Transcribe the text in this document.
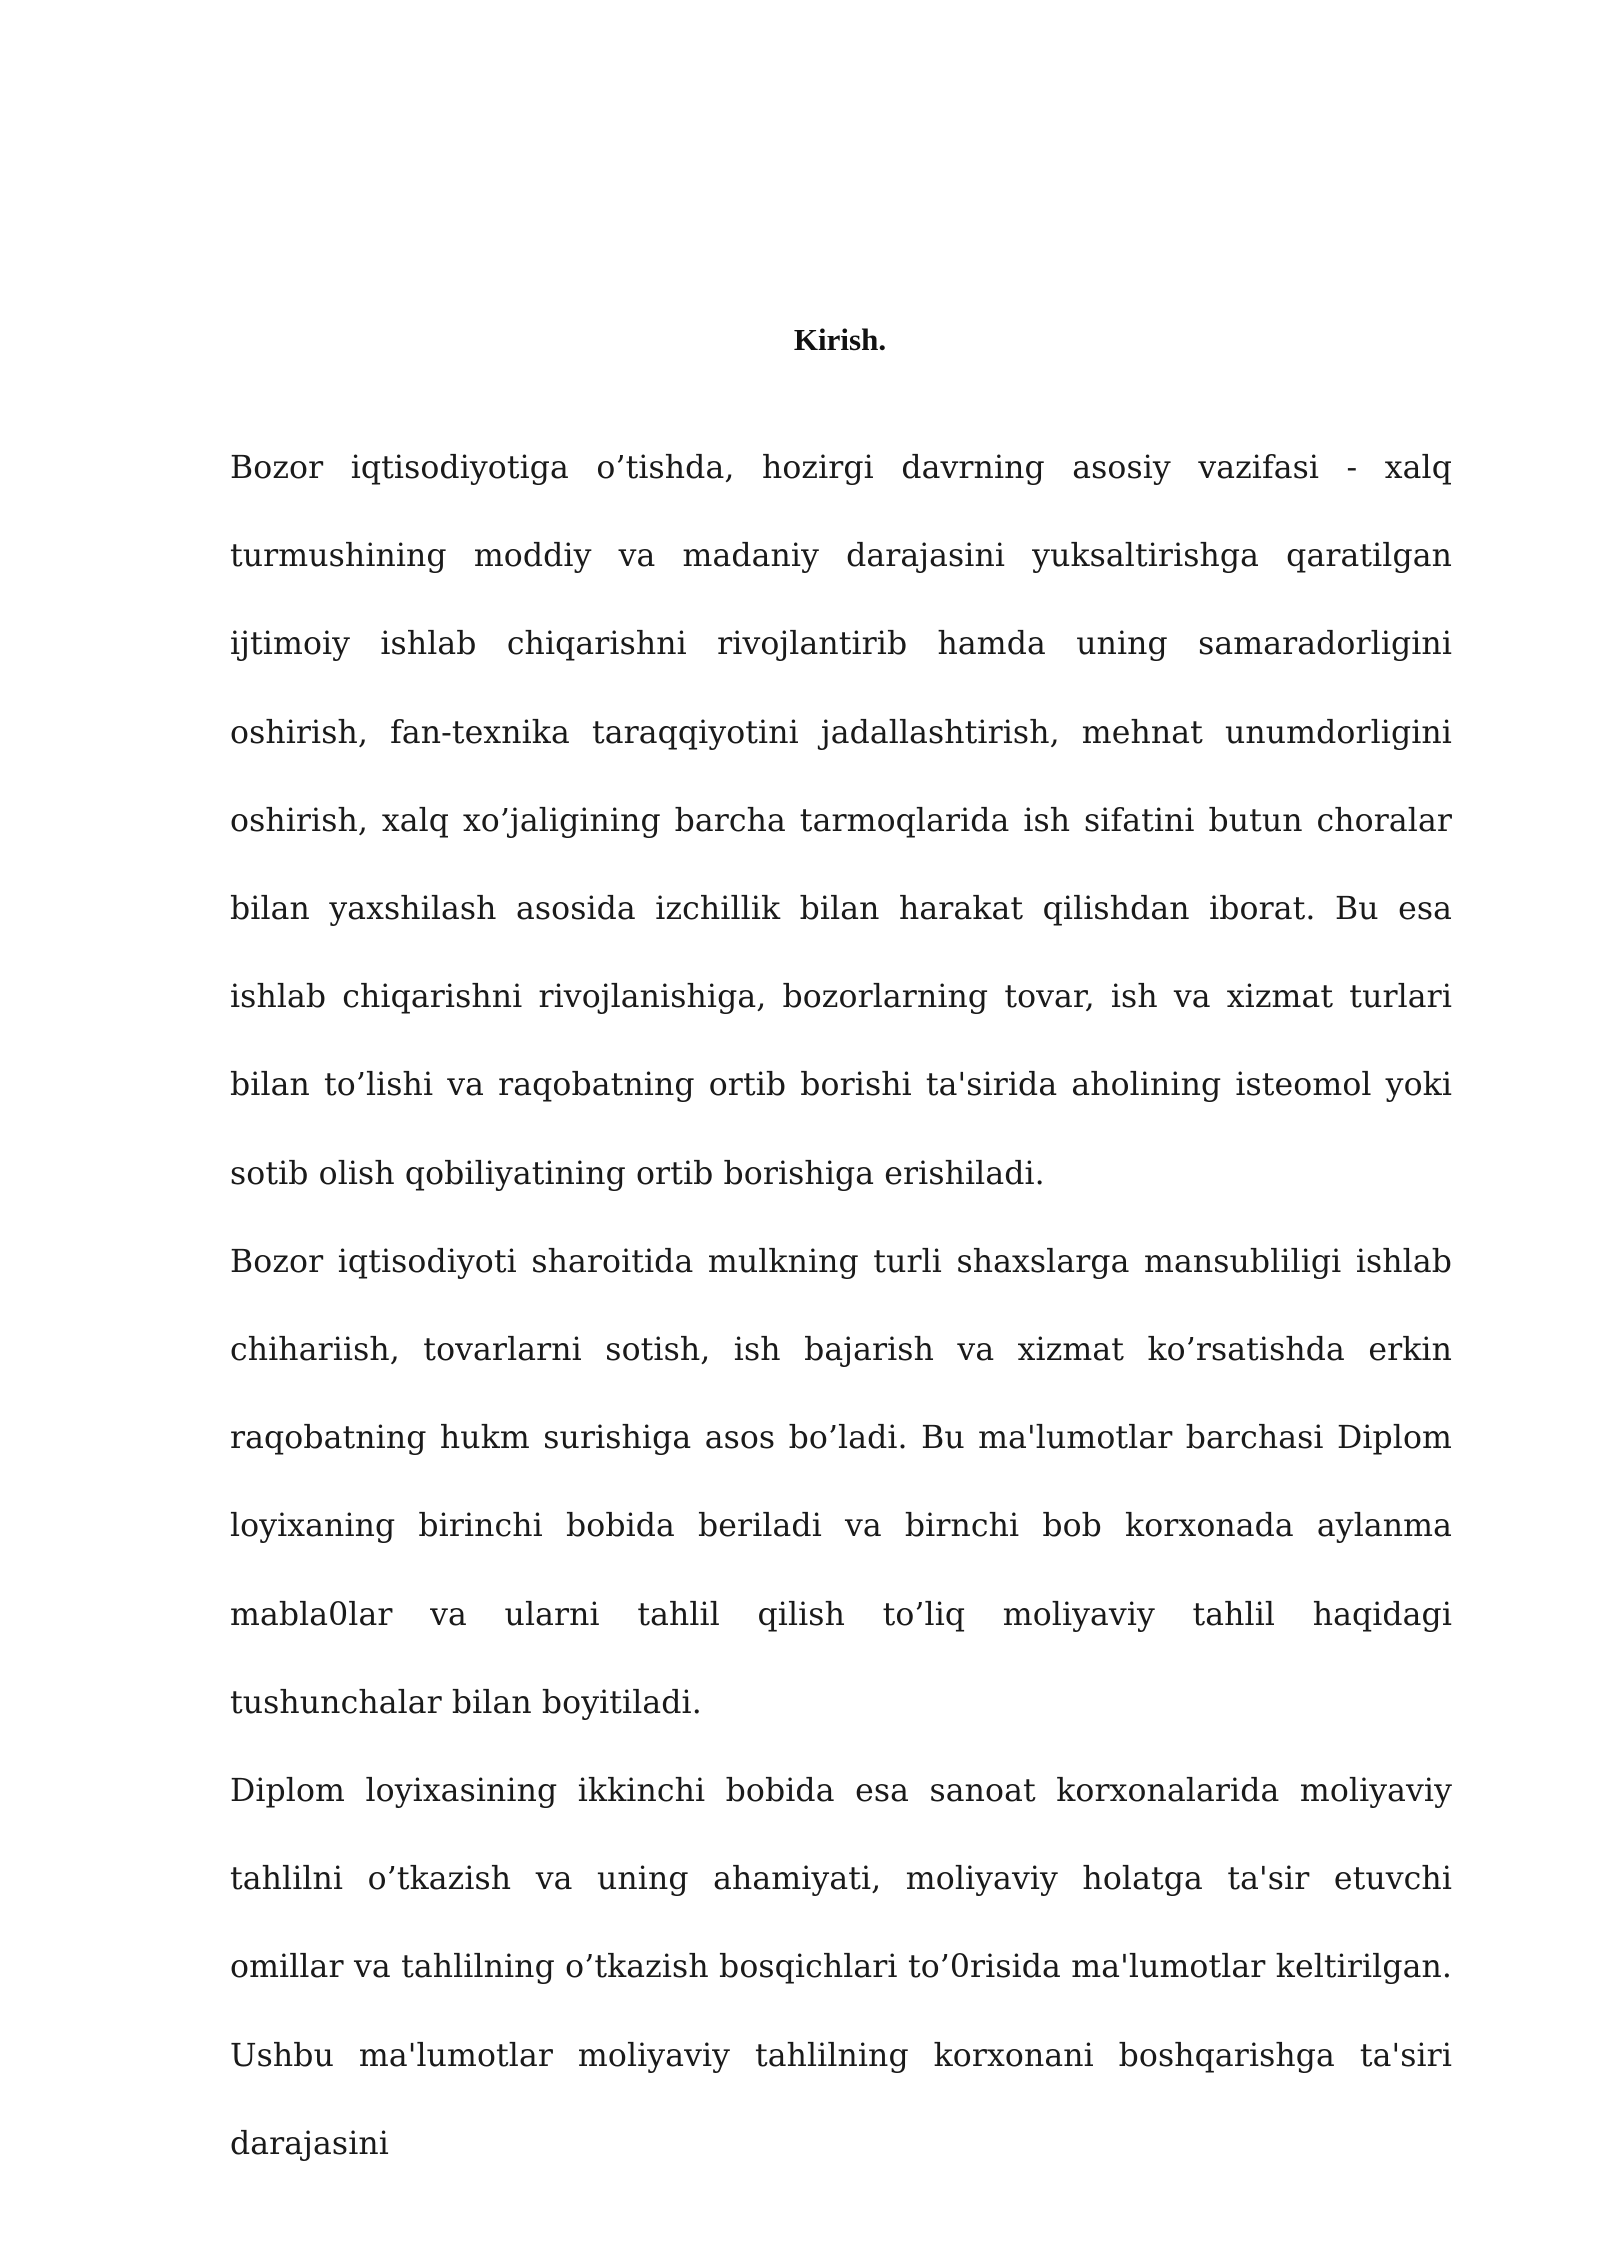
Kirish.

Bozor iqtisodiyotiga o’tishda, hozirgi davrning asosiy vazifasi - xalq turmushining moddiy va madaniy darajasini yuksaltirishga qaratilgan ijtimoiy ishlab chiqarishni rivojlantirib hamda uning samaradorligini oshirish, fan-texnika taraqqiyotini jadallashtirish, mehnat unumdorligini oshirish, xalq xo’jaligining barcha tarmoqlarida ish sifatini butun choralar bilan yaxshilash asosida izchillik bilan harakat qilishdan iborat. Bu esa ishlab chiqarishni rivojlanishiga, bozorlarning tovar, ish va xizmat turlari bilan to’lishi va raqobatning ortib borishi ta'sirida aholining isteomol yoki sotib olish qobiliyatining ortib borishiga erishiladi.

Bozor iqtisodiyoti sharoitida mulkning turli shaxslarga mansubliligi ishlab chihariish, tovarlarni sotish, ish bajarish va xizmat ko’rsatishda erkin raqobatning hukm surishiga asos bo’ladi. Bu ma'lumotlar barchasi Diplom loyixaning birinchi bobida beriladi va birnchi bob korxonada aylanma mabla0lar va ularni tahlil qilish to’liq moliyaviy tahlil haqidagi tushunchalar bilan boyitiladi.

Diplom loyixasining ikkinchi bobida esa sanoat korxonalarida moliyaviy tahlilni o’tkazish va uning ahamiyati, moliyaviy holatga ta'sir etuvchi omillar va tahlilning o’tkazish bosqichlari to’0risida ma'lumotlar keltirilgan. Ushbu ma'lumotlar moliyaviy tahlilning korxonani boshqarishga ta'siri darajasini
